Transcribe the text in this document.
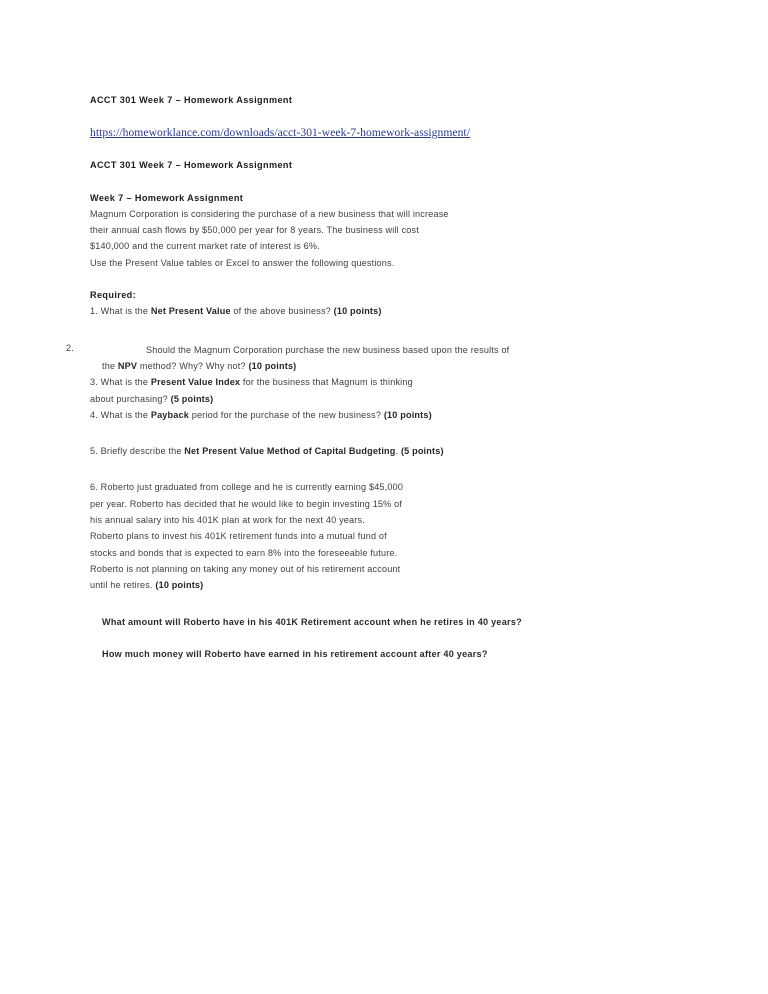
ACCT 301 Week 7 – Homework Assignment
https://homeworklance.com/downloads/acct-301-week-7-homework-assignment/
ACCT 301 Week 7 – Homework Assignment
Week 7 – Homework Assignment
Magnum Corporation is considering the purchase of a new business that will increase
their annual cash flows by $50,000 per year for 8 years. The business will cost
$140,000 and the current market rate of interest is 6%.
Use the Present Value tables or Excel to answer the following questions.
Required:
1. What is the Net Present Value of the above business? (10 points)
2.	Should the Magnum Corporation purchase the new business based upon the results of
the NPV method? Why? Why not? (10 points)
3. What is the Present Value Index for the business that Magnum is thinking
about purchasing? (5 points)
4. What is the Payback period for the purchase of the new business? (10 points)
5. Briefly describe the Net Present Value Method of Capital Budgeting. (5 points)
6. Roberto just graduated from college and he is currently earning $45,000
per year. Roberto has decided that he would like to begin investing 15% of
his annual salary into his 401K plan at work for the next 40 years.
Roberto plans to invest his 401K retirement funds into a mutual fund of
stocks and bonds that is expected to earn 8% into the foreseeable future.
Roberto is not planning on taking any money out of his retirement account
until he retires. (10 points)
What amount will Roberto have in his 401K Retirement account when he retires in 40 years?
How much money will Roberto have earned in his retirement account after 40 years?
